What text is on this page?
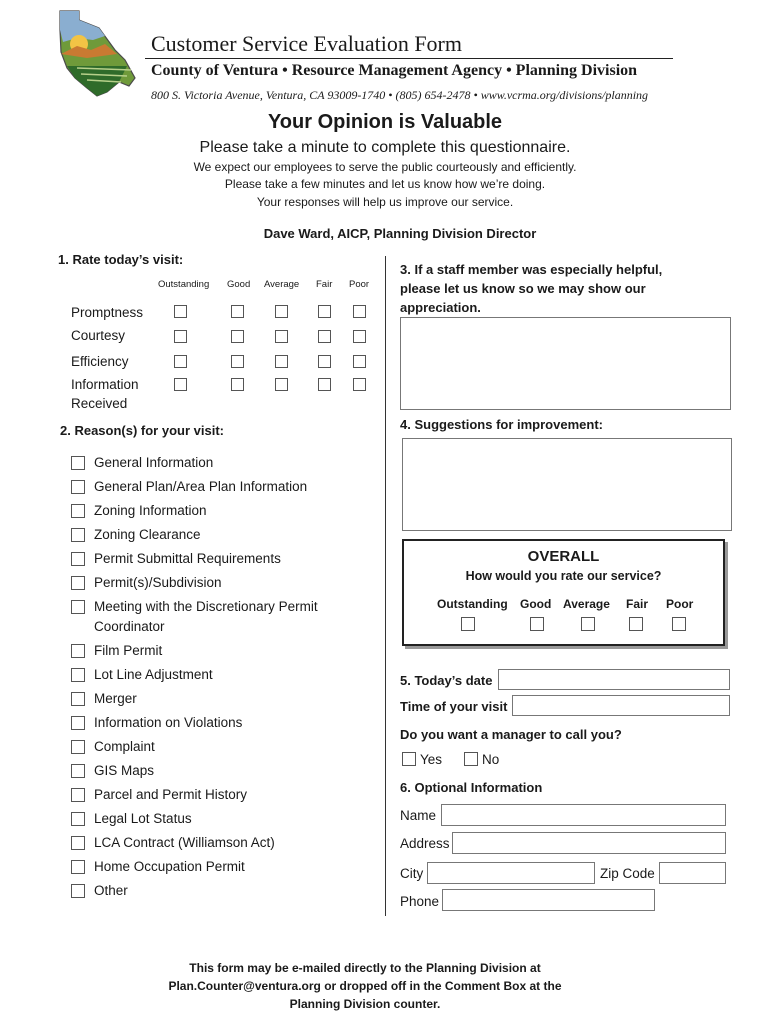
Customer Service Evaluation Form
County of Ventura • Resource Management Agency • Planning Division
800 S. Victoria Avenue, Ventura, CA 93009-1740 • (805) 654-2478 • www.vcrma.org/divisions/planning
Your Opinion is Valuable
Please take a minute to complete this questionnaire.
We expect our employees to serve the public courteously and efficiently.
Please take a few minutes and let us know how we’re doing.
Your responses will help us improve our service.
Dave Ward, AICP, Planning Division Director
1. Rate today’s visit:
Outstanding Good Average Fair Poor
Promptness
Courtesy
Efficiency
Information
Received
2. Reason(s) for your visit:
General Information
General Plan/Area Plan Information
Zoning Information
Zoning Clearance
Permit Submittal Requirements
Permit(s)/Subdivision
Meeting with the Discretionary Permit
Coordinator
Film Permit
Lot Line Adjustment
Merger
Information on Violations
Complaint
GIS Maps
Parcel and Permit History
Legal Lot Status
LCA Contract (Williamson Act)
Home Occupation Permit
Other
3. If a staff member was especially helpful,
please let us know so we may show our
appreciation.
4. Suggestions for improvement:
OVERALL
How would you rate our service?
Outstanding Good Average Fair Poor
5. Today’s date
Time of your visit
Do you want a manager to call you?
Yes	No
6. Optional Information
Name
Address
City	Zip Code
Phone
This form may be e-mailed directly to the Planning Division at
Plan.Counter@ventura.org or dropped off in the Comment Box at the
Planning Division counter.
